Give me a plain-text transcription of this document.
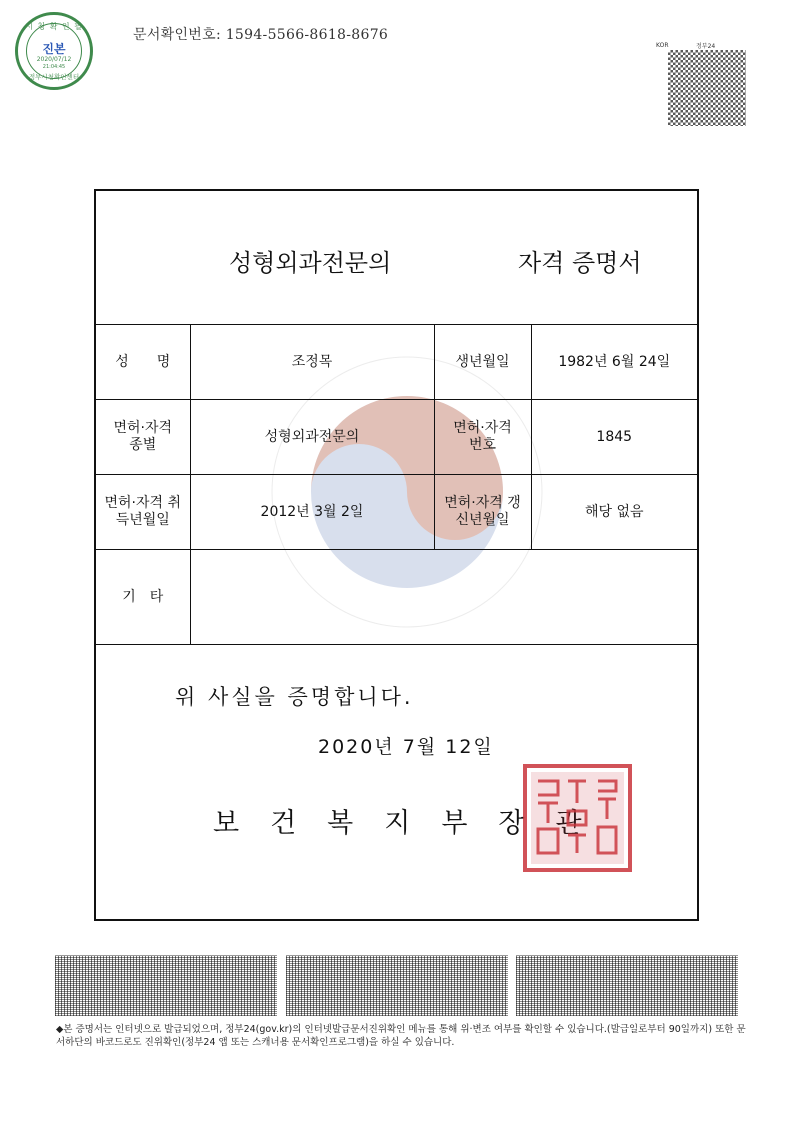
시 청 확 인 필
진본
2020/07/12
21:04:45
정부시청확인센터
문서확인번호: 1594-5566-8618-8676
KOR	정부24
성형외과전문의	자격 증명서
성　　명	조정목	생년월일	1982년 6월 24일
면허·자격 종별	성형외과전문의	면허·자격 번호	1845
면허·자격 취득년월일	2012년 3월 2일	면허·자격 갱신년월일	해당 없음
기　타			
위 사실을 증명합니다.
2020년 7월 12일
보건복지부장관
◆본 증명서는 인터넷으로 발급되었으며, 정부24(gov.kr)의 인터넷발급문서진위확인 메뉴를 통해 위·변조 여부를 확인할 수 있습니다.(발급일로부터 90일까지) 또한 문서하단의 바코드로도 진위확인(정부24 앱 또는 스캐너용 문서확인프로그램)을 하실 수 있습니다.
